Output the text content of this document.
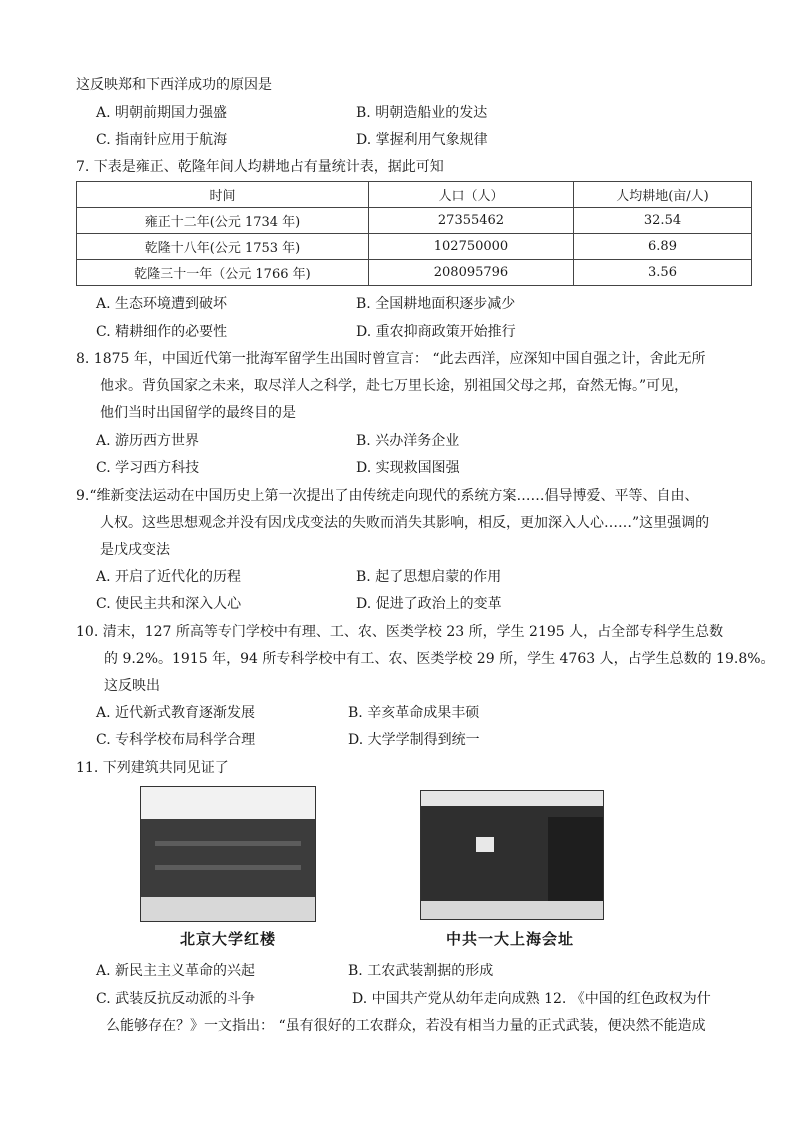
这反映郑和下西洋成功的原因是
A. 明朝前期国力强盛	B. 明朝造船业的发达
C. 指南针应用于航海	D. 掌握利用气象规律
7. 下表是雍正、乾隆年间人均耕地占有量统计表，据此可知
时间	人口（人）	人均耕地(亩/人)
雍正十二年(公元 1734 年)	27355462	32.54
乾隆十八年(公元 1753 年)	102750000	6.89
乾隆三十一年（公元 1766 年)	208095796	3.56
A. 生态环境遭到破坏	B. 全国耕地面积逐步减少
C. 精耕细作的必要性	D. 重农抑商政策开始推行
8. 1875 年，中国近代第一批海军留学生出国时曾宣言： “此去西洋，应深知中国自强之计，舍此无所
他求。背负国家之未来，取尽洋人之科学，赴七万里长途，别祖国父母之邦，奋然无悔。”可见，
他们当时出国留学的最终目的是
A. 游历西方世界	B. 兴办洋务企业
C. 学习西方科技	D. 实现救国图强
9.“维新变法运动在中国历史上第一次提出了由传统走向现代的系统方案……倡导博爱、平等、自由、
人权。这些思想观念并没有因戊戌变法的失败而消失其影响，相反，更加深入人心……”这里强调的
是戊戌变法
A. 开启了近代化的历程	B. 起了思想启蒙的作用
C. 使民主共和深入人心	D. 促进了政治上的变革
10. 清末，127 所高等专门学校中有理、工、农、医类学校 23 所，学生 2195 人，占全部专科学生总数
的 9.2%。1915 年，94 所专科学校中有工、农、医类学校 29 所，学生 4763 人，占学生总数的 19.8%。
这反映出
A. 近代新式教育逐渐发展	B. 辛亥革命成果丰硕
C. 专科学校布局科学合理	D. 大学学制得到统一
11. 下列建筑共同见证了
北京大学红楼	中共一大上海会址
A. 新民主主义革命的兴起	B. 工农武装割据的形成
C. 武装反抗反动派的斗争	D. 中国共产党从幼年走向成熟 12. 《中国的红色政权为什
么能够存在？》一文指出： “虽有很好的工农群众，若没有相当力量的正式武装，便决然不能造成
